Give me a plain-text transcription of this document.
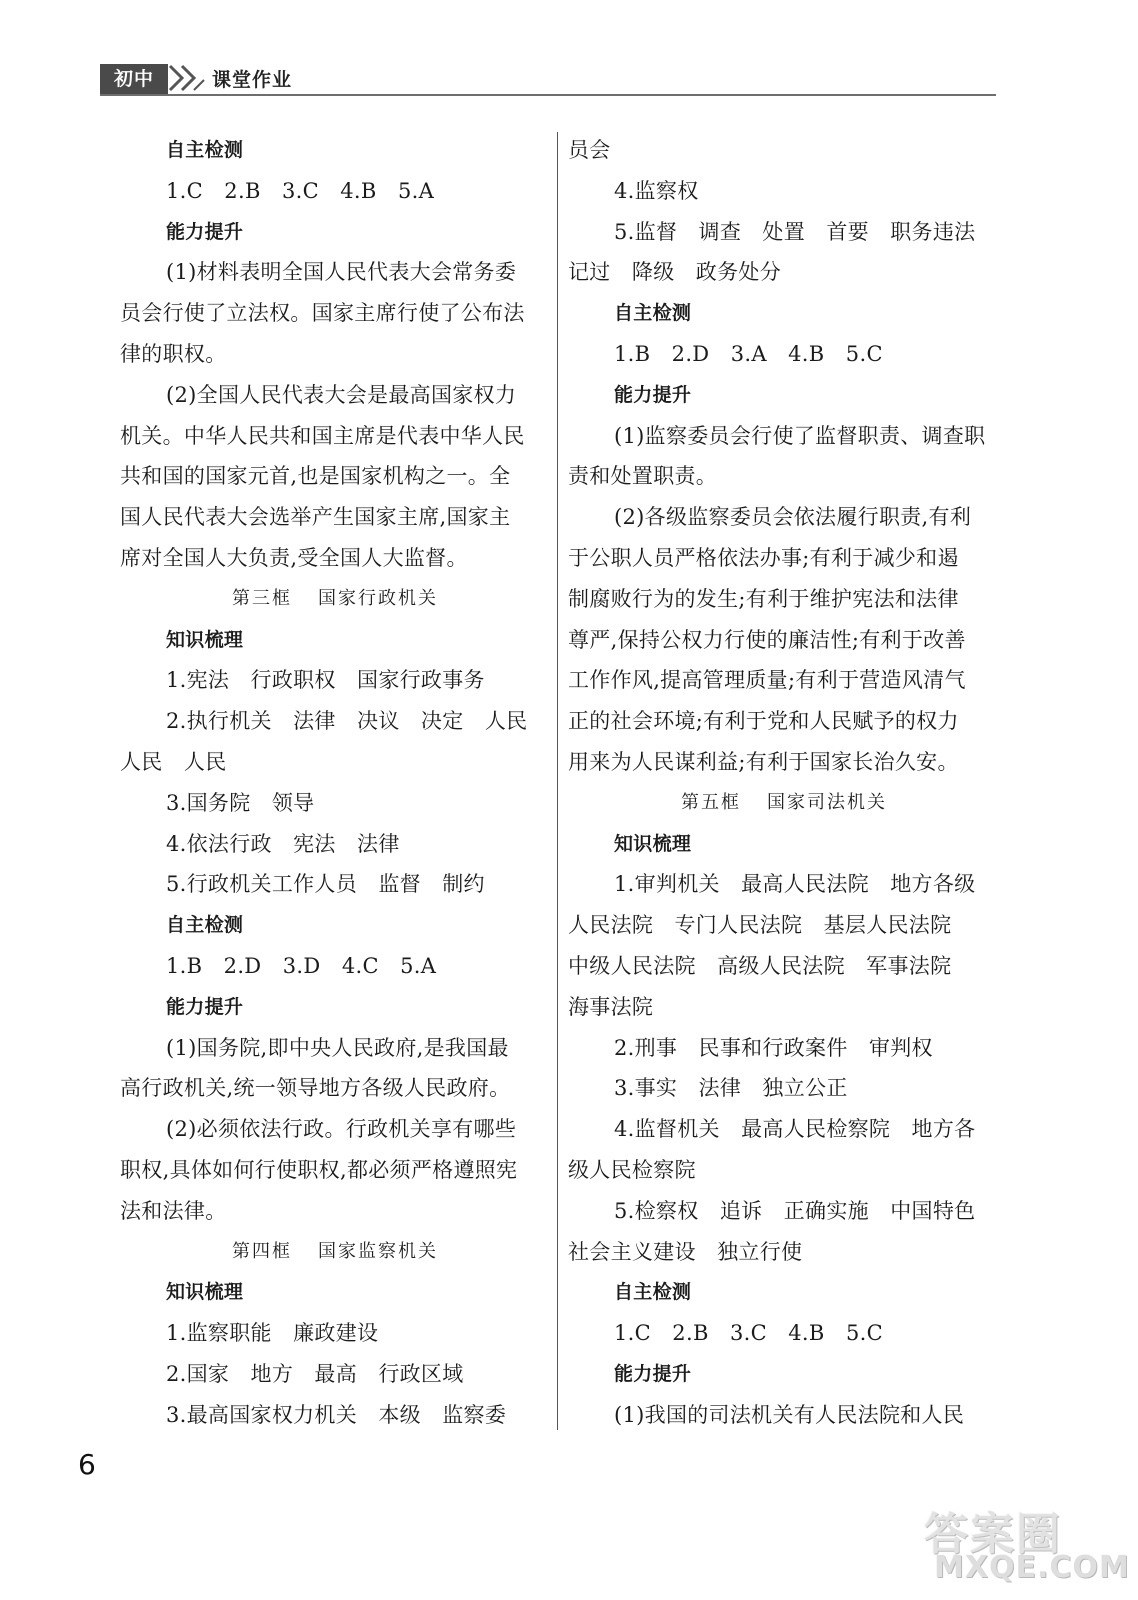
初中	课堂作业
自主检测
1.C　2.B　3.C　4.B　5.A
能力提升
(1)材料表明全国人民代表大会常务委
员会行使了立法权。国家主席行使了公布法
律的职权。
(2)全国人民代表大会是最高国家权力
机关。中华人民共和国主席是代表中华人民
共和国的国家元首,也是国家机构之一。全
国人民代表大会选举产生国家主席,国家主
席对全国人大负责,受全国人大监督。
第三框 国家行政机关
知识梳理
1.宪法　行政职权　国家行政事务
2.执行机关　法律　决议　决定　人民
人民　人民
3.国务院　领导
4.依法行政　宪法　法律
5.行政机关工作人员　监督　制约
自主检测
1.B　2.D　3.D　4.C　5.A
能力提升
(1)国务院,即中央人民政府,是我国最
高行政机关,统一领导地方各级人民政府。
(2)必须依法行政。行政机关享有哪些
职权,具体如何行使职权,都必须严格遵照宪
法和法律。
第四框 国家监察机关
知识梳理
1.监察职能　廉政建设
2.国家　地方　最高　行政区域
3.最高国家权力机关　本级　监察委
员会
4.监察权
5.监督　调查　处置　首要　职务违法
记过　降级　政务处分
自主检测
1.B　2.D　3.A　4.B　5.C
能力提升
(1)监察委员会行使了监督职责、调查职
责和处置职责。
(2)各级监察委员会依法履行职责,有利
于公职人员严格依法办事;有利于减少和遏
制腐败行为的发生;有利于维护宪法和法律
尊严,保持公权力行使的廉洁性;有利于改善
工作作风,提高管理质量;有利于营造风清气
正的社会环境;有利于党和人民赋予的权力
用来为人民谋利益;有利于国家长治久安。
第五框 国家司法机关
知识梳理
1.审判机关　最高人民法院　地方各级
人民法院　专门人民法院　基层人民法院
中级人民法院　高级人民法院　军事法院
海事法院
2.刑事　民事和行政案件　审判权
3.事实　法律　独立公正
4.监督机关　最高人民检察院　地方各
级人民检察院
5.检察权　追诉　正确实施　中国特色
社会主义建设　独立行使
自主检测
1.C　2.B　3.C　4.B　5.C
能力提升
(1)我国的司法机关有人民法院和人民
6
答案圈
MXQE.COM
